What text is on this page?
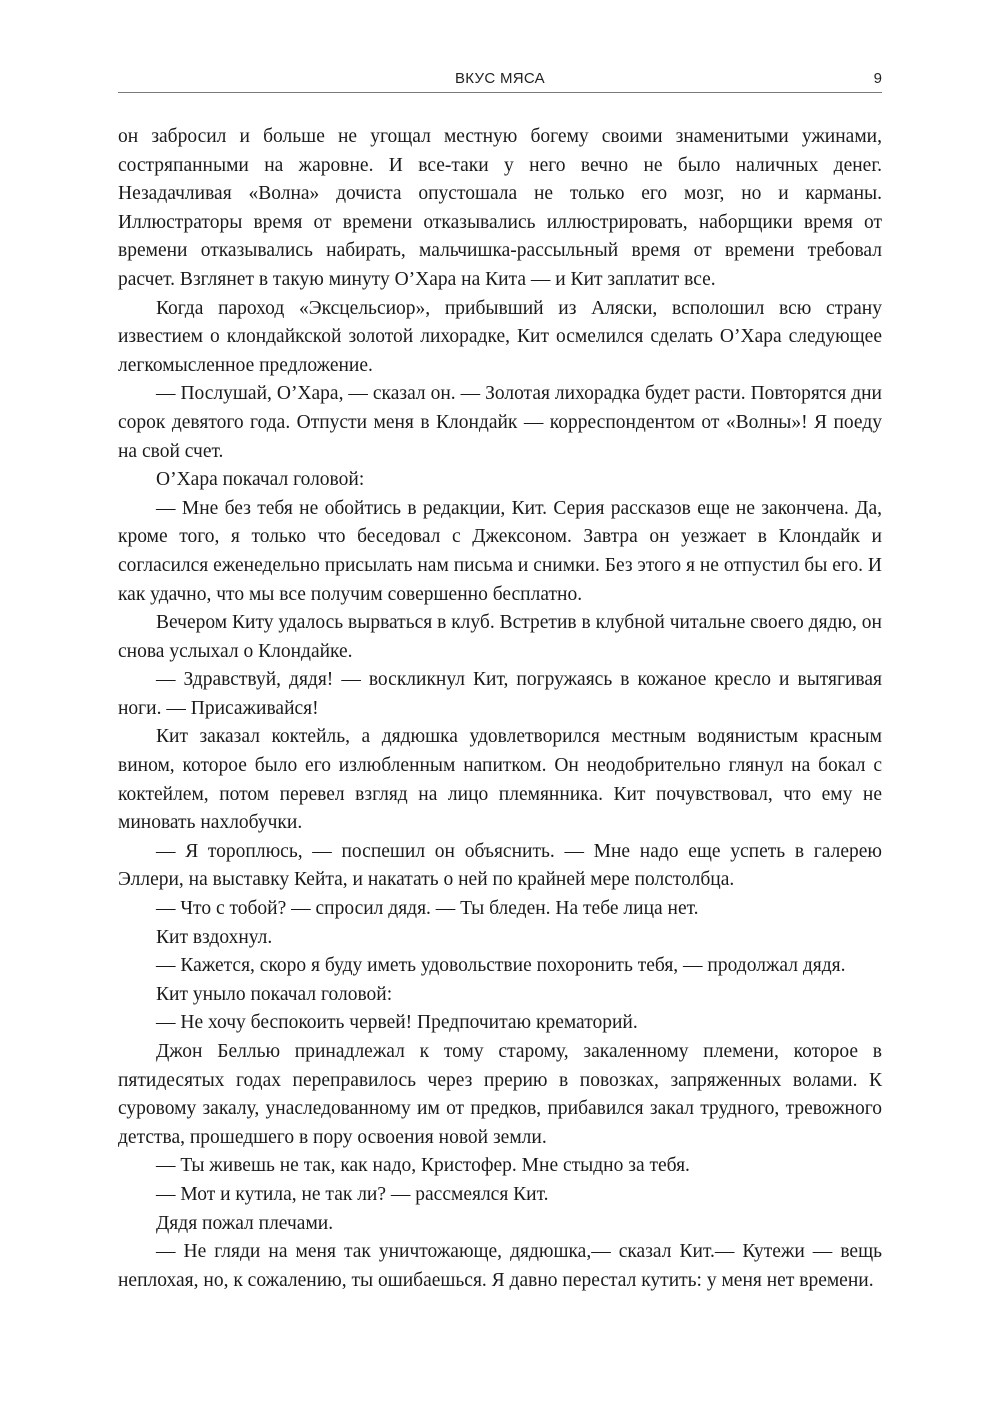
ВКУС МЯСА	9

он забросил и больше не угощал местную богему своими знаменитыми ужинами, состряпанными на жаровне. И все-таки у него вечно не было наличных денег. Незадачливая «Волна» дочиста опустошала не только его мозг, но и карманы. Иллюстраторы время от времени отказывались иллюстрировать, наборщики время от времени отказывались набирать, мальчишка-рассыльный время от времени требовал расчет. Взглянет в такую минуту О’Хара на Кита — и Кит заплатит все.

Когда пароход «Эксцельсиор», прибывший из Аляски, всполошил всю страну известием о клондайкской золотой лихорадке, Кит осмелился сделать О’Хара следующее легкомысленное предложение.

— Послушай, О’Хара, — сказал он. — Золотая лихорадка будет расти. Повторятся дни сорок девятого года. Отпусти меня в Клондайк — корреспондентом от «Волны»! Я поеду на свой счет.

О’Хара покачал головой:

— Мне без тебя не обойтись в редакции, Кит. Серия рассказов еще не закончена. Да, кроме того, я только что беседовал с Джексоном. Завтра он уезжает в Клондайк и согласился еженедельно присылать нам письма и снимки. Без этого я не отпустил бы его. И как удачно, что мы все получим совершенно бесплатно.

Вечером Киту удалось вырваться в клуб. Встретив в клубной читальне своего дядю, он снова услыхал о Клондайке.

— Здравствуй, дядя! — воскликнул Кит, погружаясь в кожаное кресло и вытягивая ноги. — Присаживайся!

Кит заказал коктейль, а дядюшка удовлетворился местным водянистым красным вином, которое было его излюбленным напитком. Он неодобрительно глянул на бокал с коктейлем, потом перевел взгляд на лицо племянника. Кит почувствовал, что ему не миновать нахлобучки.

— Я тороплюсь, — поспешил он объяснить. — Мне надо еще успеть в галерею Эллери, на выставку Кейта, и накатать о ней по крайней мере полстолбца.

— Что с тобой? — спросил дядя. — Ты бледен. На тебе лица нет.

Кит вздохнул.

— Кажется, скоро я буду иметь удовольствие похоронить тебя, — продолжал дядя.

Кит уныло покачал головой:

— Не хочу беспокоить червей! Предпочитаю крематорий.

Джон Беллью принадлежал к тому старому, закаленному племени, которое в пятидесятых годах переправилось через прерию в повозках, запряженных волами. К суровому закалу, унаследованному им от предков, прибавился закал трудного, тревожного детства, прошедшего в пору освоения новой земли.

— Ты живешь не так, как надо, Кристофер. Мне стыдно за тебя.

— Мот и кутила, не так ли? — рассмеялся Кит.

Дядя пожал плечами.

— Не гляди на меня так уничтожающе, дядюшка,— сказал Кит.— Кутежи — вещь неплохая, но, к сожалению, ты ошибаешься. Я давно перестал кутить: у меня нет времени.
